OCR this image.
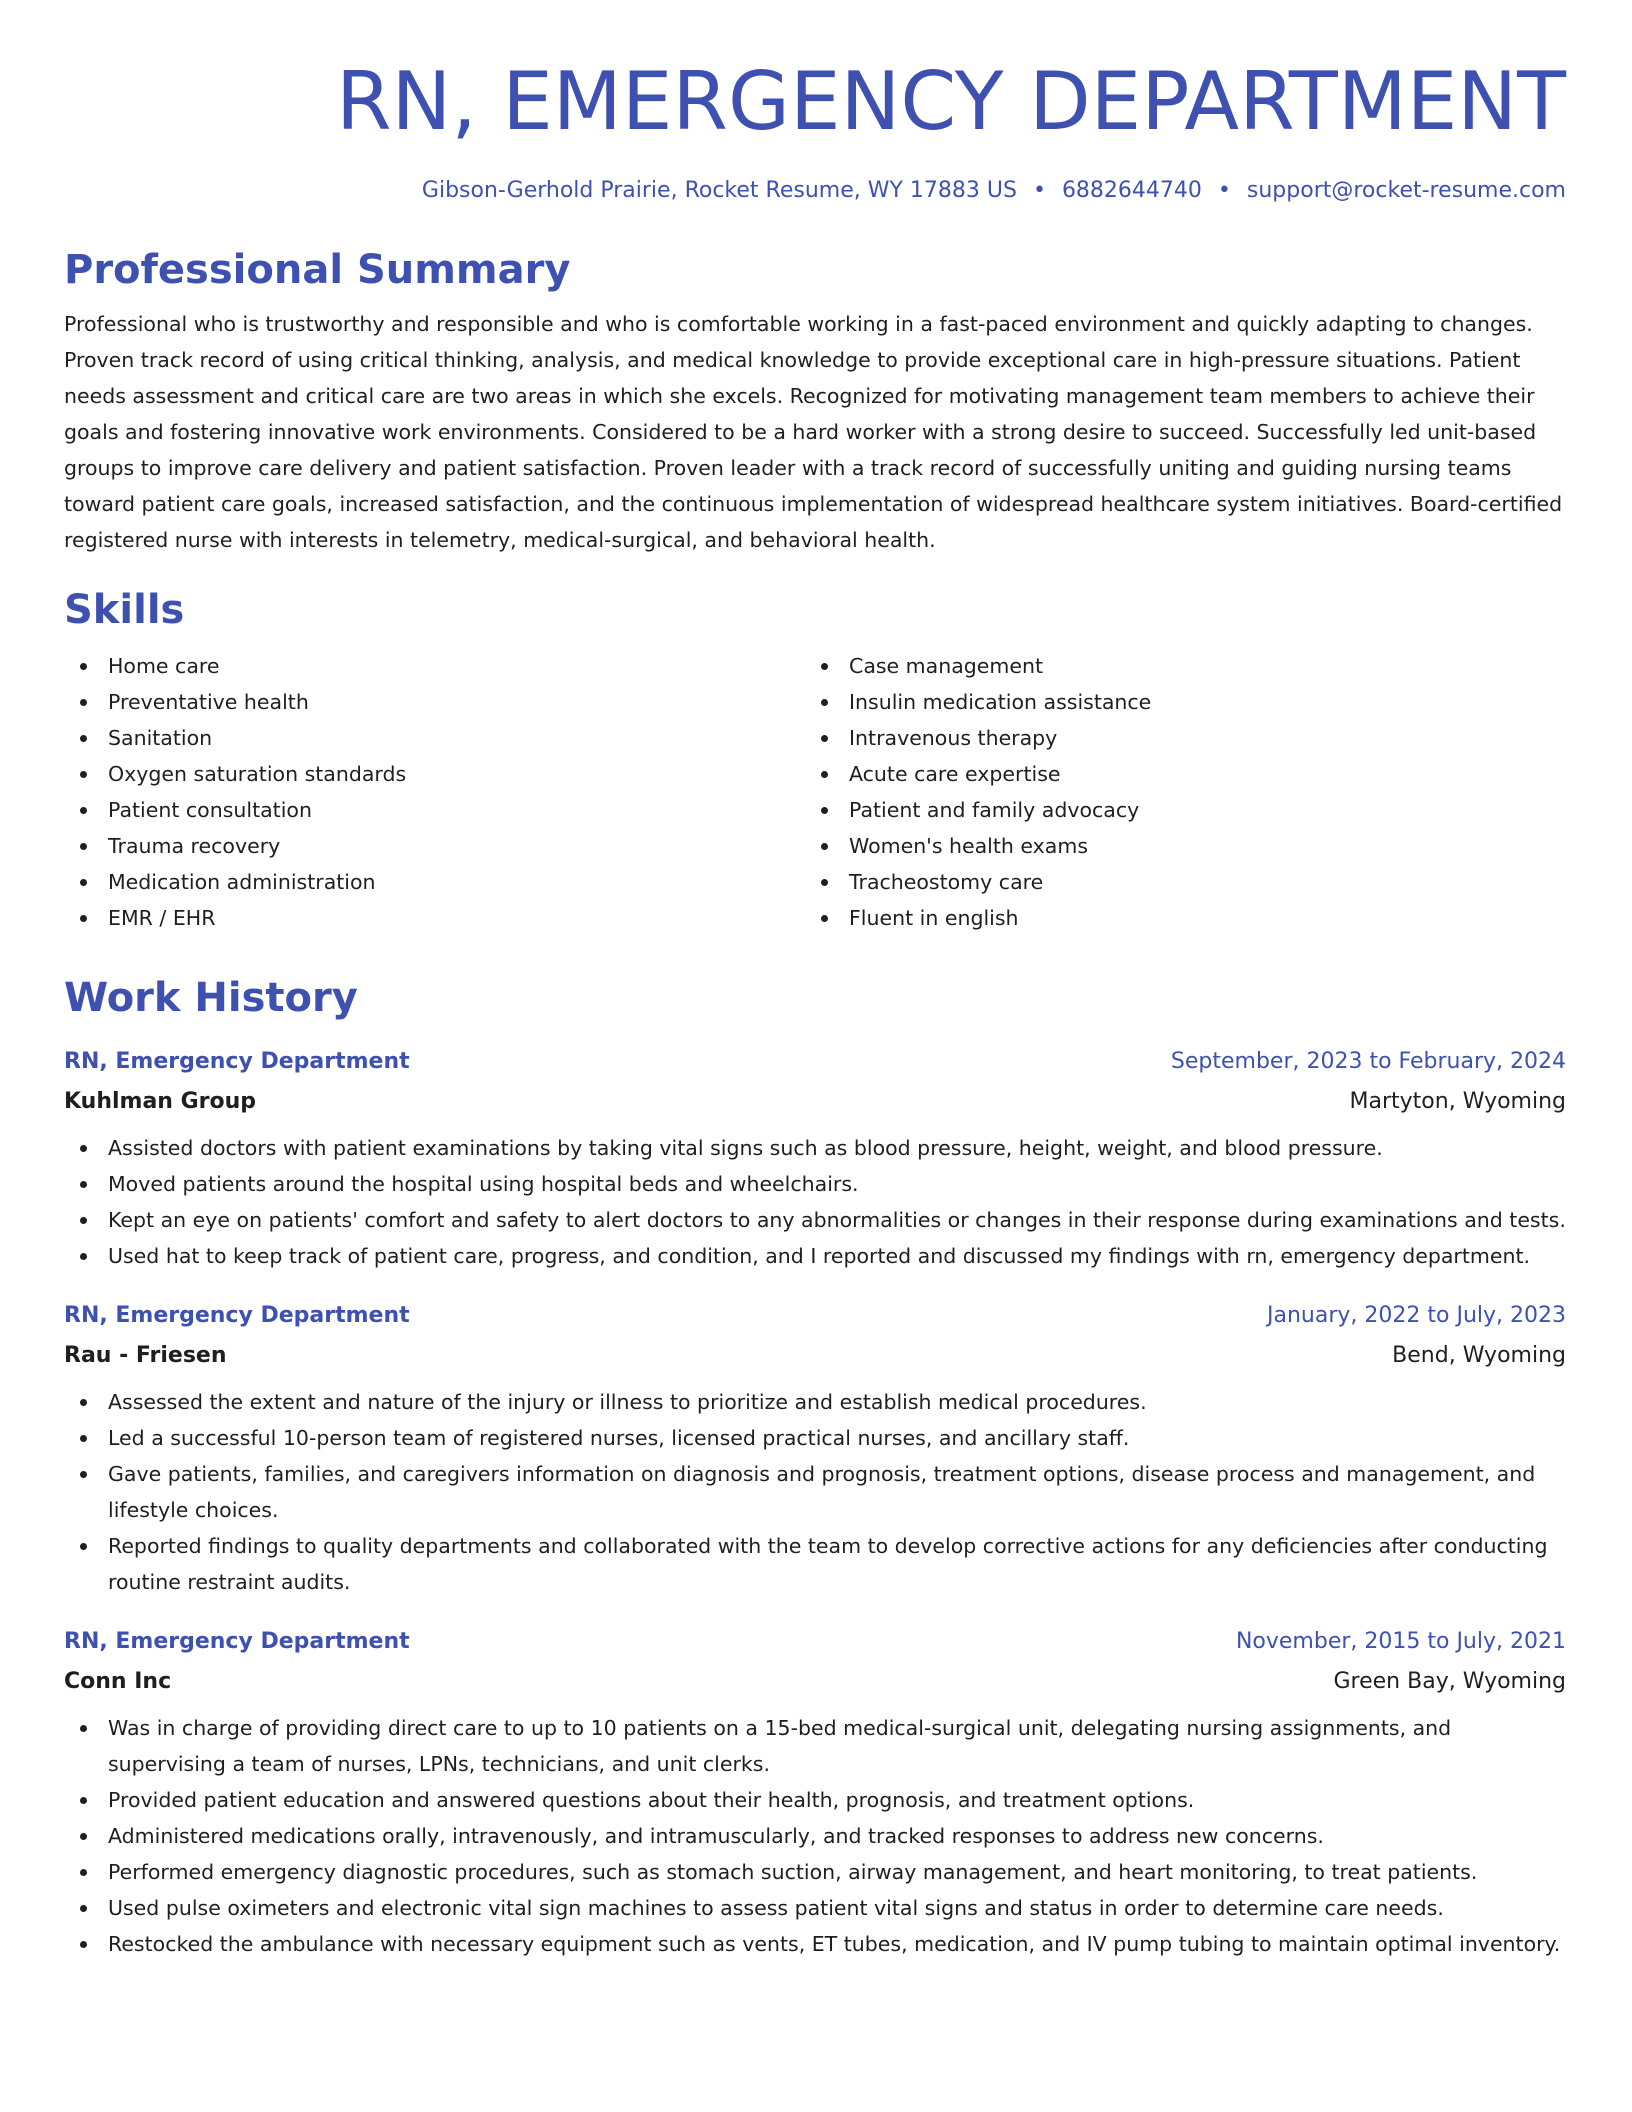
RN, EMERGENCY DEPARTMENT
Gibson-Gerhold Prairie, Rocket Resume, WY 17883 US • 6882644740 • support@rocket-resume.com
Professional Summary

Professional who is trustworthy and responsible and who is comfortable working in a fast-paced environment and quickly adapting to changes. Proven track record of using critical thinking, analysis, and medical knowledge to provide exceptional care in high-pressure situations. Patient needs assessment and critical care are two areas in which she excels. Recognized for motivating management team members to achieve their goals and fostering innovative work environments. Considered to be a hard worker with a strong desire to succeed. Successfully led unit-based groups to improve care delivery and patient satisfaction. Proven leader with a track record of successfully uniting and guiding nursing teams toward patient care goals, increased satisfaction, and the continuous implementation of widespread healthcare system initiatives. Board-certified registered nurse with interests in telemetry, medical-surgical, and behavioral health.

Skills
Home care
Preventative health
Sanitation
Oxygen saturation standards
Patient consultation
Trauma recovery
Medication administration
EMR / EHR
Case management
Insulin medication assistance
Intravenous therapy
Acute care expertise
Patient and family advocacy
Women's health exams
Tracheostomy care
Fluent in english
Work History
RN, Emergency Department	September, 2023 to February, 2024
Kuhlman Group	Martyton, Wyoming
Assisted doctors with patient examinations by taking vital signs such as blood pressure, height, weight, and blood pressure.
Moved patients around the hospital using hospital beds and wheelchairs.
Kept an eye on patients' comfort and safety to alert doctors to any abnormalities or changes in their response during examinations and tests.
Used hat to keep track of patient care, progress, and condition, and I reported and discussed my findings with rn, emergency department.
RN, Emergency Department	January, 2022 to July, 2023
Rau - Friesen	Bend, Wyoming
Assessed the extent and nature of the injury or illness to prioritize and establish medical procedures.
Led a successful 10-person team of registered nurses, licensed practical nurses, and ancillary staff.
Gave patients, families, and caregivers information on diagnosis and prognosis, treatment options, disease process and management, and lifestyle choices.
Reported findings to quality departments and collaborated with the team to develop corrective actions for any deficiencies after conducting routine restraint audits.
RN, Emergency Department	November, 2015 to July, 2021
Conn Inc	Green Bay, Wyoming
Was in charge of providing direct care to up to 10 patients on a 15-bed medical-surgical unit, delegating nursing assignments, and supervising a team of nurses, LPNs, technicians, and unit clerks.
Provided patient education and answered questions about their health, prognosis, and treatment options.
Administered medications orally, intravenously, and intramuscularly, and tracked responses to address new concerns.
Performed emergency diagnostic procedures, such as stomach suction, airway management, and heart monitoring, to treat patients.
Used pulse oximeters and electronic vital sign machines to assess patient vital signs and status in order to determine care needs.
Restocked the ambulance with necessary equipment such as vents, ET tubes, medication, and IV pump tubing to maintain optimal inventory.
